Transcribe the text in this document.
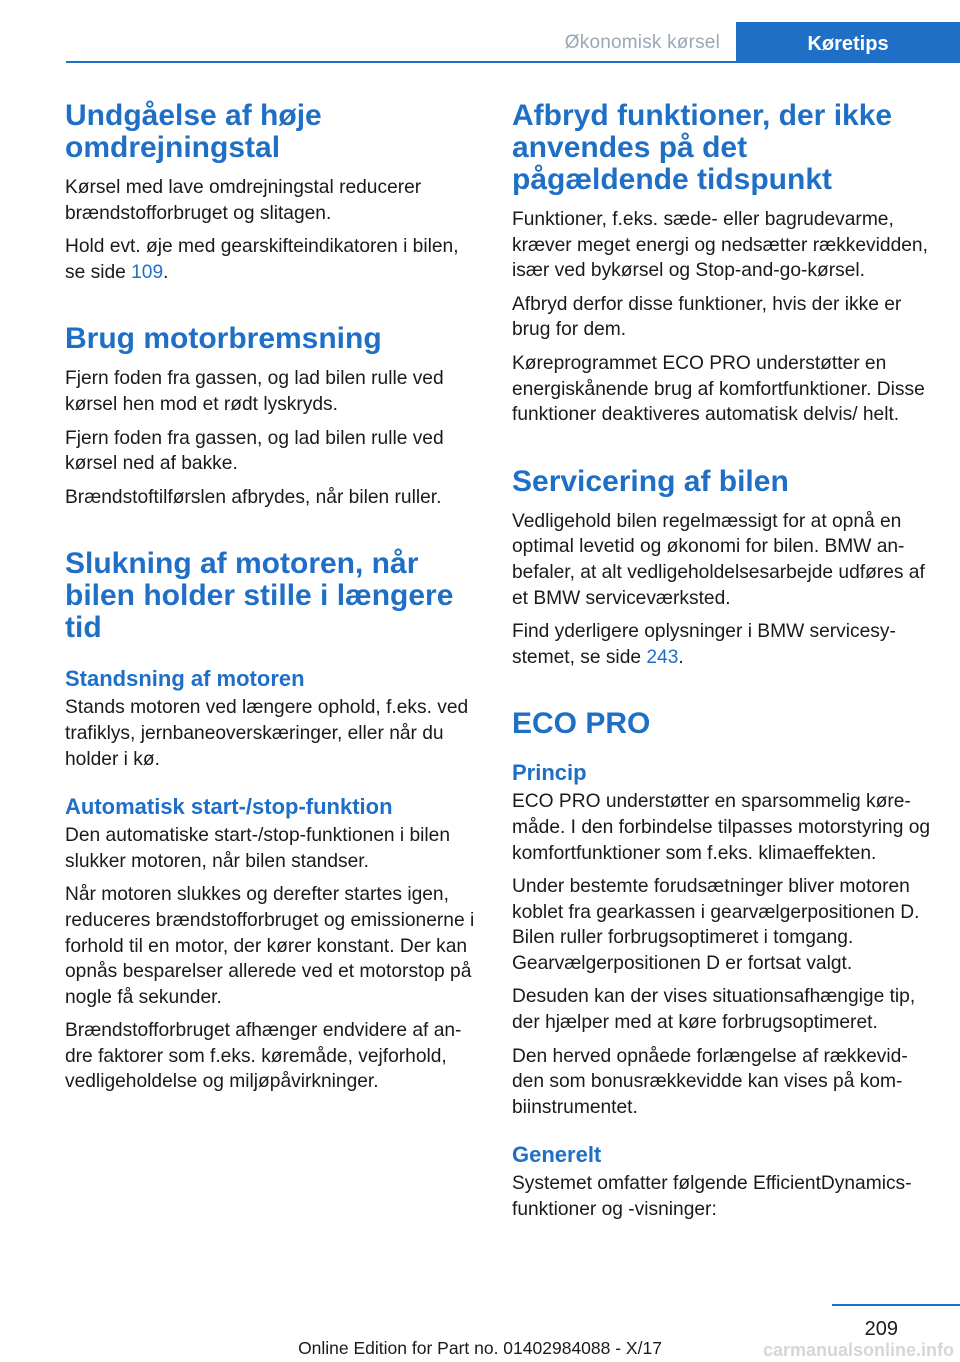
Økonomisk kørsel	Køretips
Undgåelse af høje omdrejningstal

Kørsel med lave omdrejningstal reducerer brændstofforbruget og slitagen.

Hold evt. øje med gearskifteindikatoren i bilen, se side 109.

Brug motorbremsning

Fjern foden fra gassen, og lad bilen rulle ved kørsel hen mod et rødt lyskryds.

Fjern foden fra gassen, og lad bilen rulle ved kørsel ned af bakke.

Brændstoftilførslen afbrydes, når bilen ruller.

Slukning af motoren, når bilen holder stille i længere tid
Standsning af motoren

Stands motoren ved længere ophold, f.eks. ved trafiklys, jernbaneoverskæringer, eller når du holder i kø.

Automatisk start-/stop-funktion

Den automatiske start-/stop-funktionen i bilen slukker motoren, når bilen standser.

Når motoren slukkes og derefter startes igen, reduceres brændstofforbruget og emissionerne i forhold til en motor, der kører konstant. Der kan opnås besparelser allerede ved et motorstop på nogle få sekunder.

Brændstofforbruget afhænger endvidere af andre faktorer som f.eks. køremåde, vejforhold, vedligeholdelse og miljøpåvirkninger.

Afbryd funktioner, der ikke anvendes på det pågældende tidspunkt

Funktioner, f.eks. sæde- eller bagrudevarme, kræver meget energi og nedsætter rækkevidden, især ved bykørsel og Stop-and-go-kørsel.

Afbryd derfor disse funktioner, hvis der ikke er brug for dem.

Køreprogrammet ECO PRO understøtter en energiskånende brug af komfortfunktioner. Disse funktioner deaktiveres automatisk delvis/ helt.

Servicering af bilen

Vedligehold bilen regelmæssigt for at opnå en optimal levetid og økonomi for bilen. BMW anbefaler, at alt vedligeholdelsesarbejde udføres af et BMW serviceværksted.

Find yderligere oplysninger i BMW servicesystemet, se side 243.

ECO PRO
Princip

ECO PRO understøtter en sparsommelig køremåde. I den forbindelse tilpasses motorstyring og komfortfunktioner som f.eks. klimaeffekten.

Under bestemte forudsætninger bliver motoren koblet fra gearkassen i gearvælgerpositionen D. Bilen ruller forbrugsoptimeret i tomgang. Gearvælgerpositionen D er fortsat valgt.

Desuden kan der vises situationsafhængige tip, der hjælper med at køre forbrugsoptimeret.

Den herved opnåede forlængelse af rækkevidden som bonusrækkevidde kan vises på kombiinstrumentet.

Generelt

Systemet omfatter følgende EfficientDynamics-funktioner og -visninger:

209
Online Edition for Part no. 01402984088 - X/17	carmanualsonline.info
